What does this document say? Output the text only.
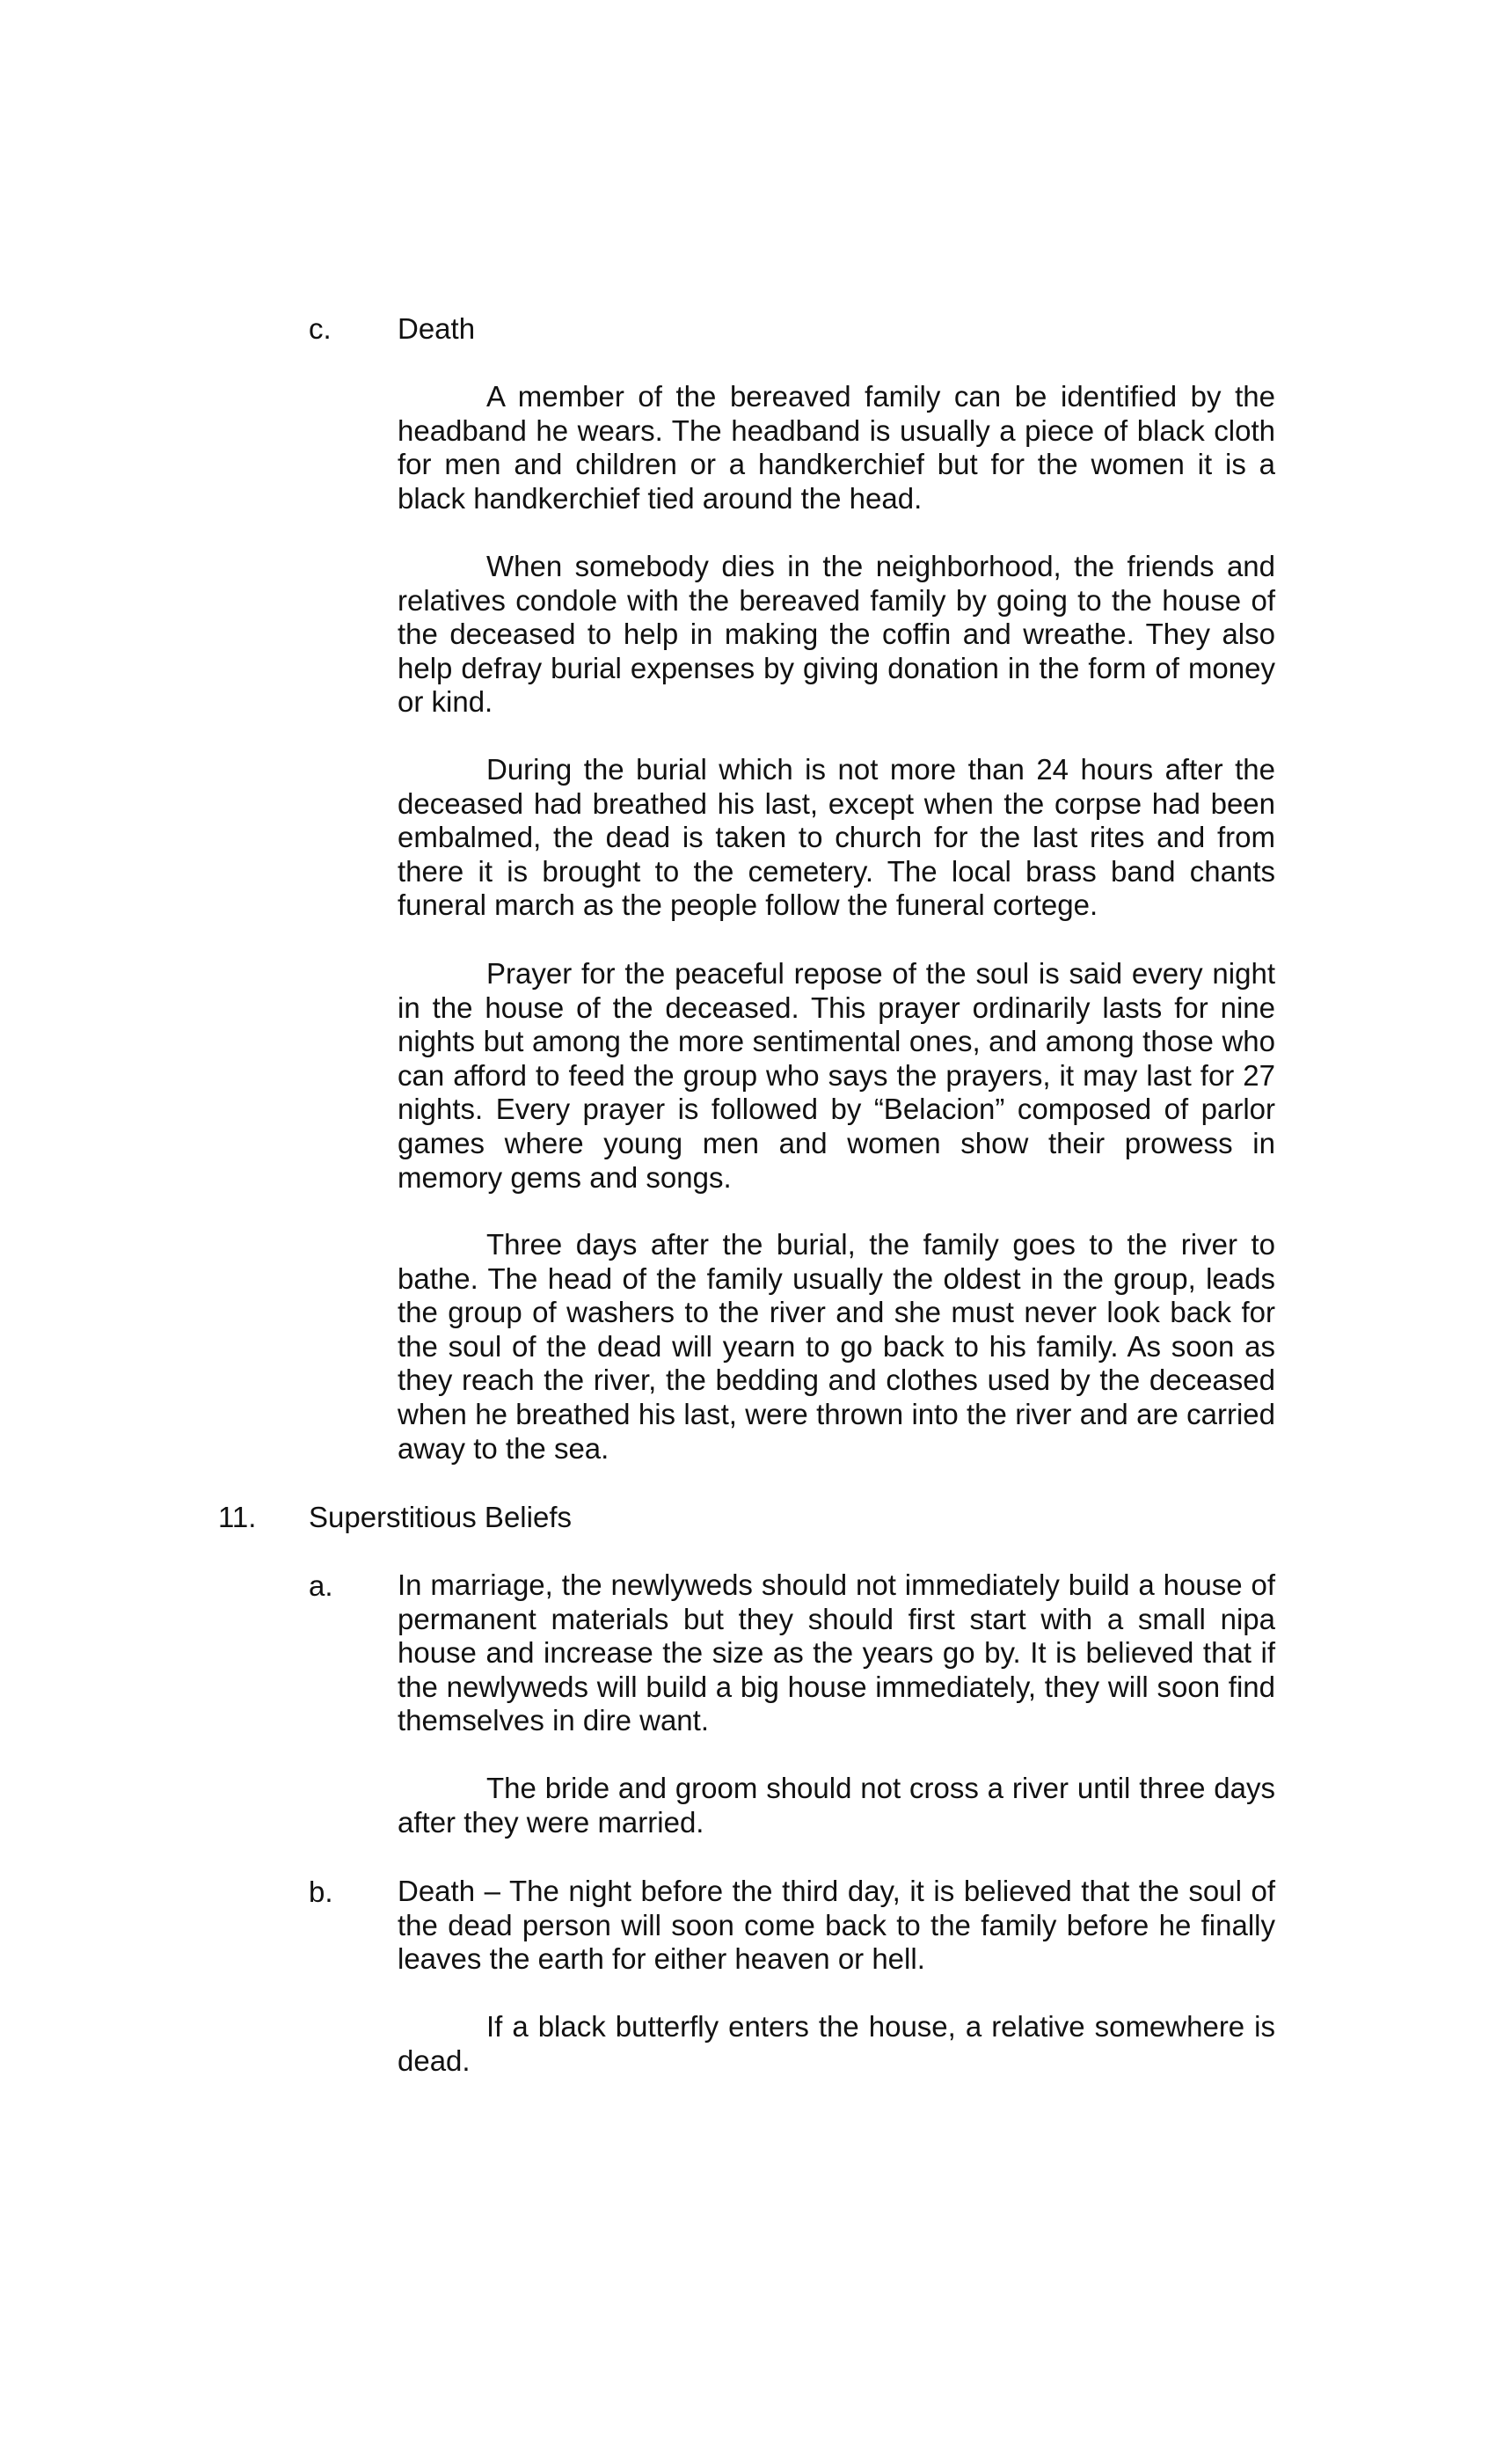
c. Death

A member of the bereaved family can be identified by the headband he wears. The headband is usually a piece of black cloth for men and children or a handkerchief but for the women it is a black handkerchief tied around the head.

When somebody dies in the neighborhood, the friends and relatives condole with the bereaved family by going to the house of the deceased to help in making the coffin and wreathe. They also help defray burial expenses by giving donation in the form of money or kind.

During the burial which is not more than 24 hours after the deceased had breathed his last, except when the corpse had been embalmed, the dead is taken to church for the last rites and from there it is brought to the cemetery. The local brass band chants funeral march as the people follow the funeral cortege.

Prayer for the peaceful repose of the soul is said every night in the house of the deceased. This prayer ordinarily lasts for nine nights but among the more sentimental ones, and among those who can afford to feed the group who says the prayers, it may last for 27 nights. Every prayer is followed by “Belacion” composed of parlor games where young men and women show their prowess in memory gems and songs.

Three days after the burial, the family goes to the river to bathe. The head of the family usually the oldest in the group, leads the group of washers to the river and she must never look back for the soul of the dead will yearn to go back to his family. As soon as they reach the river, the bedding and clothes used by the deceased when he breathed his last, were thrown into the river and are carried away to the sea.

11. Superstitious Beliefs
a. In marriage, the newlyweds should not immediately build a house of permanent materials but they should first start with a small nipa house and increase the size as the years go by. It is believed that if the newlyweds will build a big house immediately, they will soon find themselves in dire want.

The bride and groom should not cross a river until three days after they were married.

b. Death – The night before the third day, it is believed that the soul of the dead person will soon come back to the family before he finally leaves the earth for either heaven or hell.

If a black butterfly enters the house, a relative somewhere is dead.
